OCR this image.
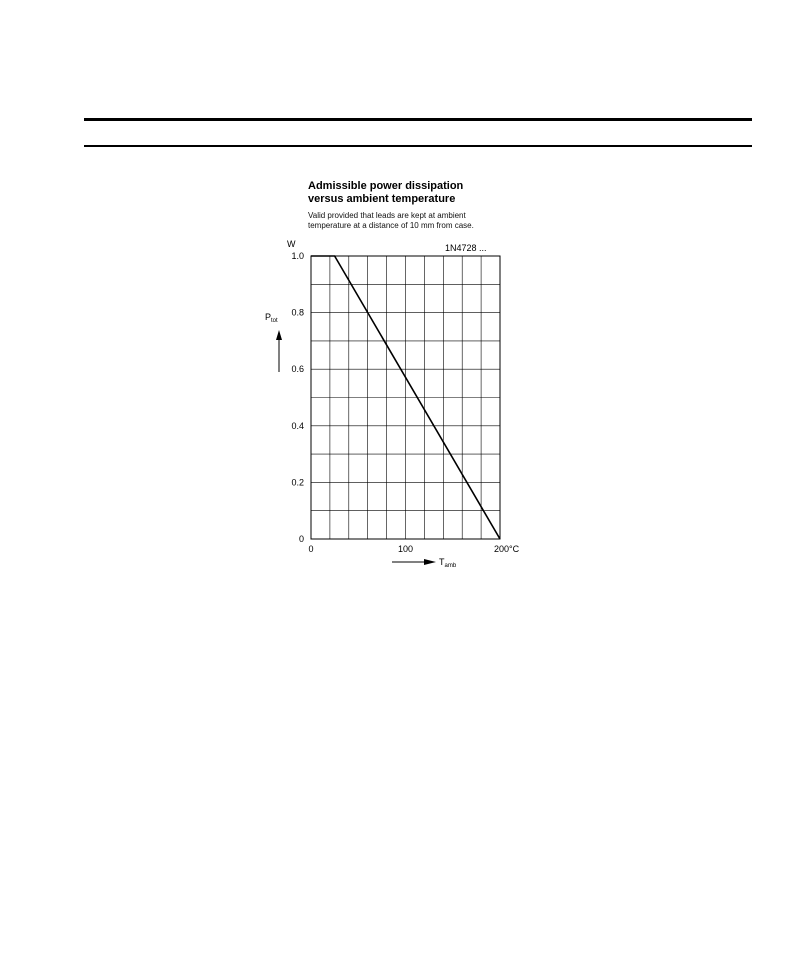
Admissible power dissipation
versus ambient temperature
Valid provided that leads are kept at ambient
temperature at a distance of 10 mm from case.
0
0.2
0.4
0.6
0.8
1.0
0	100	200°C
1N4728 ...
W
$P_{tot}$
$T_{amb}$
